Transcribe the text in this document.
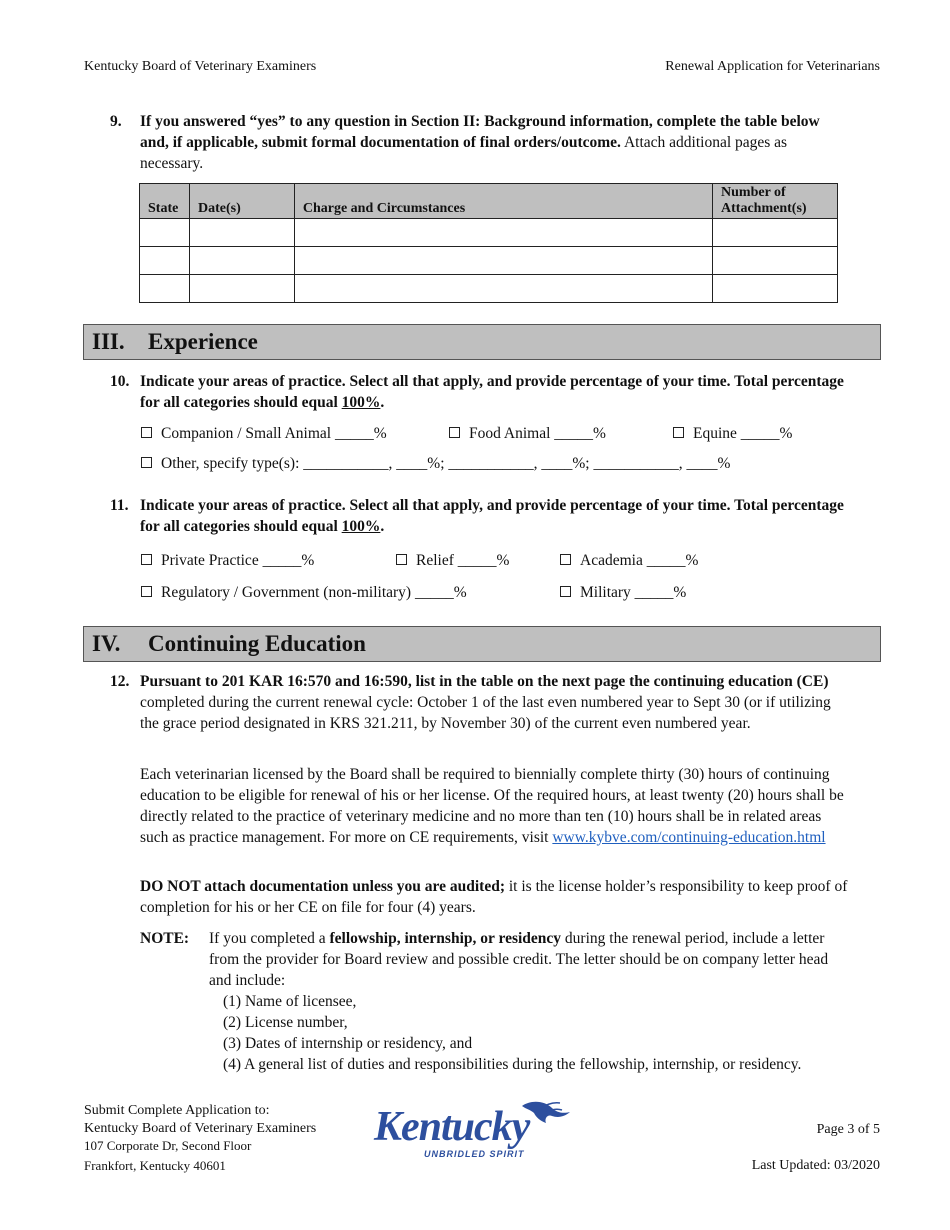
Kentucky Board of Veterinary Examiners	Renewal Application for Veterinarians
9. If you answered “yes” to any question in Section II: Background information, complete the table below and, if applicable, submit formal documentation of final orders/outcome. Attach additional pages as necessary.
State	Date(s)	Charge and Circumstances	Number of Attachment(s)

III. Experience
10. Indicate your areas of practice. Select all that apply, and provide percentage of your time. Total percentage for all categories should equal 100%.
Companion / Small Animal _____%	Food Animal _____%	Equine _____%
Other, specify type(s): ___________, ____%; ___________, ____%; ___________, ____%
11. Indicate your areas of practice. Select all that apply, and provide percentage of your time. Total percentage for all categories should equal 100%.
Private Practice _____%	Relief _____%	Academia _____%
Regulatory / Government (non-military) _____%	Military _____%
IV. Continuing Education
12. Pursuant to 201 KAR 16:570 and 16:590, list in the table on the next page the continuing education (CE) completed during the current renewal cycle: October 1 of the last even numbered year to Sept 30 (or if utilizing the grace period designated in KRS 321.211, by November 30) of the current even numbered year.
Each veterinarian licensed by the Board shall be required to biennially complete thirty (30) hours of continuing education to be eligible for renewal of his or her license. Of the required hours, at least twenty (20) hours shall be directly related to the practice of veterinary medicine and no more than ten (10) hours shall be in related areas such as practice management. For more on CE requirements, visit www.kybve.com/continuing-education.html
DO NOT attach documentation unless you are audited; it is the license holder’s responsibility to keep proof of completion for his or her CE on file for four (4) years.
NOTE: If you completed a fellowship, internship, or residency during the renewal period, include a letter from the provider for Board review and possible credit. The letter should be on company letter head and include:
(1) Name of licensee,
(2) License number,
(3) Dates of internship or residency, and
(4) A general list of duties and responsibilities during the fellowship, internship, or residency.
Submit Complete Application to:
Kentucky Board of Veterinary Examiners
107 Corporate Dr, Second Floor
Frankfort, Kentucky 40601
Page 3 of 5
Last Updated: 03/2020
Kentucky
UNBRIDLED SPIRIT
